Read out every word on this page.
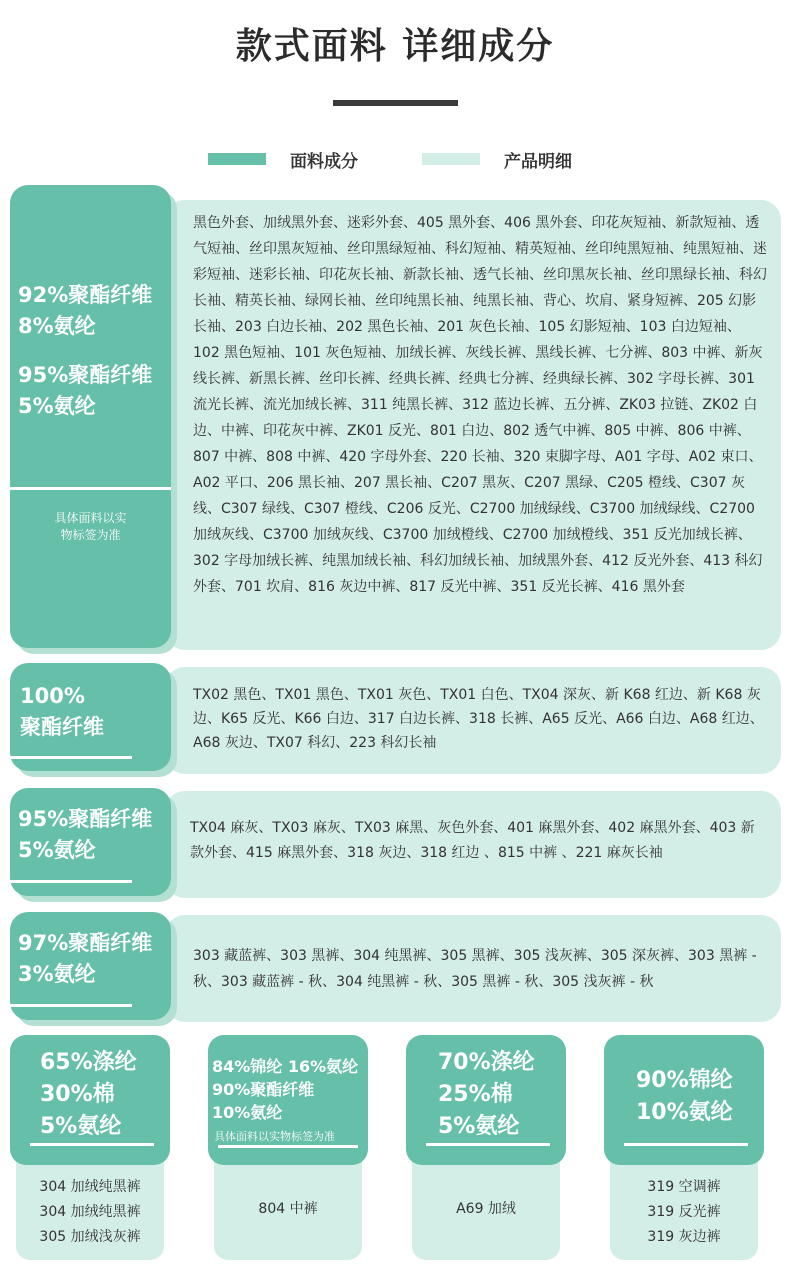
款式面料 详细成分
面料成分	产品明细
92%聚酯纤维
8%氨纶
95%聚酯纤维
5%氨纶
具体面料以实
物标签为准
黑色外套、加绒黑外套、迷彩外套、405 黑外套、406 黑外套、印花灰短袖、新款短袖、透气短袖、丝印黑灰短袖、丝印黑绿短袖、科幻短袖、精英短袖、丝印纯黑短袖、纯黑短袖、迷彩短袖、迷彩长袖、印花灰长袖、新款长袖、透气长袖、丝印黑灰长袖、丝印黑绿长袖、科幻长袖、精英长袖、绿网长袖、丝印纯黑长袖、纯黑长袖、背心、坎肩、紧身短裤、205 幻影长袖、203 白边长袖、202 黑色长袖、201 灰色长袖、105 幻影短袖、103 白边短袖、102 黑色短袖、101 灰色短袖、加绒长裤、灰线长裤、黑线长裤、七分裤、803 中裤、新灰线长裤、新黑长裤、丝印长裤、经典长裤、经典七分裤、经典绿长裤、302 字母长裤、301 流光长裤、流光加绒长裤、311 纯黑长裤、312 蓝边长裤、五分裤、ZK03 拉链、ZK02 白边、中裤、印花灰中裤、ZK01 反光、801 白边、802 透气中裤、805 中裤、806 中裤、807 中裤、808 中裤、420 字母外套、220 长袖、320 束脚字母、A01 字母、A02 束口、A02 平口、206 黑长袖、207 黑长袖、C207 黑灰、C207 黑绿、C205 橙线、C307 灰线、C307 绿线、C307 橙线、C206 反光、C2700 加绒绿线、C3700 加绒绿线、C2700 加绒灰线、C3700 加绒灰线、C3700 加绒橙线、C2700 加绒橙线、351 反光加绒长裤、302 字母加绒长裤、纯黑加绒长袖、科幻加绒长袖、加绒黑外套、412 反光外套、413 科幻外套、701 坎肩、816 灰边中裤、817 反光中裤、351 反光长裤、416 黑外套
100%
聚酯纤维
TX02 黑色、TX01 黑色、TX01 灰色、TX01 白色、TX04 深灰、新 K68 红边、新 K68 灰边、K65 反光、K66 白边、317 白边长裤、318 长裤、A65 反光、A66 白边、A68 红边、A68 灰边、TX07 科幻、223 科幻长袖
95%聚酯纤维
5%氨纶
TX04 麻灰、TX03 麻灰、TX03 麻黑、灰色外套、401 麻黑外套、402 麻黑外套、403 新款外套、415 麻黑外套、318 灰边、318 红边 、815 中裤 、221 麻灰长袖
97%聚酯纤维
3%氨纶
303 藏蓝裤、303 黑裤、304 纯黑裤、305 黑裤、305 浅灰裤、305 深灰裤、303 黑裤 - 秋、303 藏蓝裤 - 秋、304 纯黑裤 - 秋、305 黑裤 - 秋、305 浅灰裤 - 秋
65%涤纶
30%棉
5%氨纶
304 加绒纯黑裤
304 加绒纯黑裤
305 加绒浅灰裤
84%锦纶 16%氨纶
90%聚酯纤维
10%氨纶
具体面料以实物标签为准
804 中裤
70%涤纶
25%棉
5%氨纶
A69 加绒
90%锦纶
10%氨纶
319 空调裤
319 反光裤
319 灰边裤
